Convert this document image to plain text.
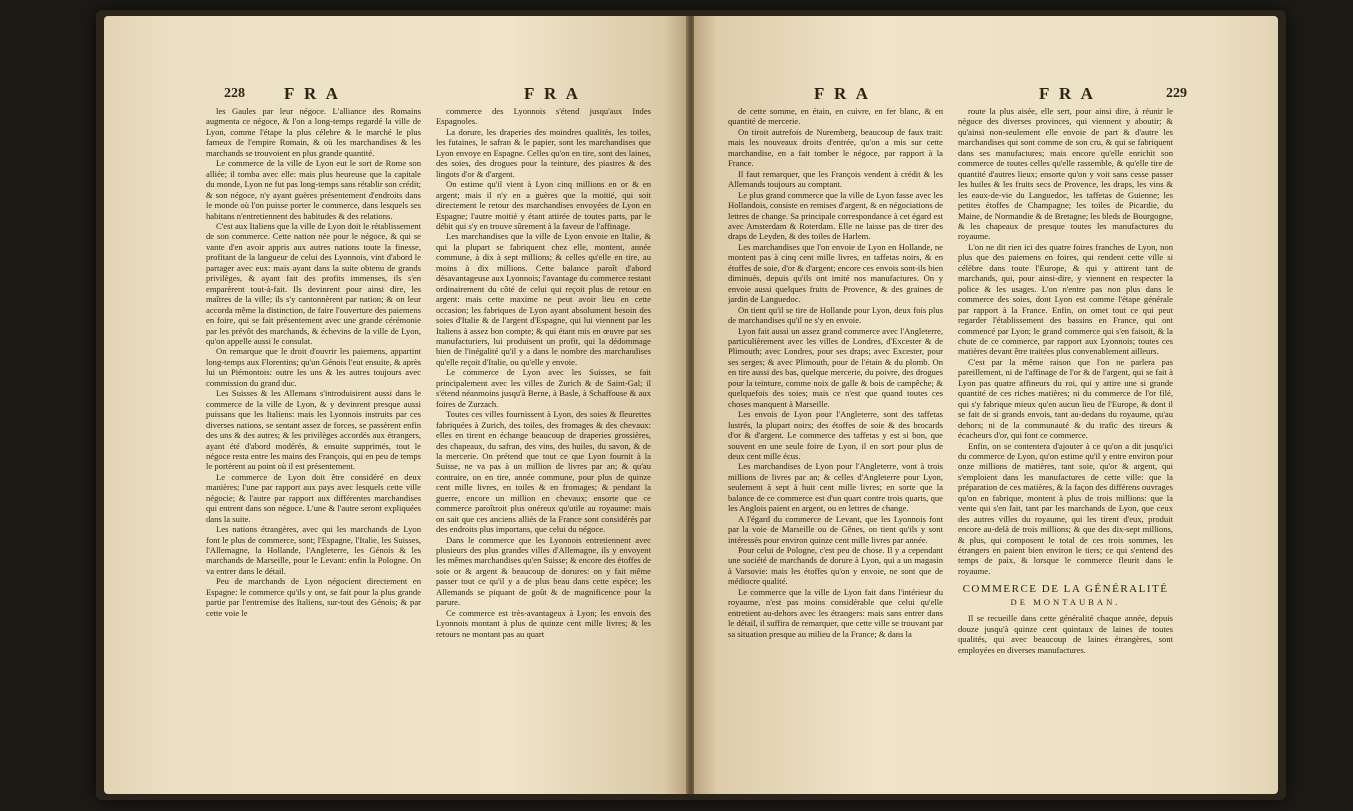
228 F R A	F R A

les Gaules par leur négoce. L'alliance des Romains augmenta ce négoce, & l'on a long-temps regardé la ville de Lyon, comme l'étape la plus célebre & le marché le plus fameux de l'empire Romain, & où les marchandises & les marchands se trouvoient en plus grande quantité.

Le commerce de la ville de Lyon eut le sort de Rome son alliée; il tomba avec elle: mais plus heureuse que la capitale du monde, Lyon ne fut pas long-temps sans rétablir son crédit; & son négoce, n'y ayant guères présentement d'endroits dans le monde où l'on puisse porter le commerce, dans lesquels ses habitans n'entretiennent des habitudes & des relations.

C'est aux Italiens que la ville de Lyon doit le rétablissement de son commerce. Cette nation née pour le négoce, & qui se vante d'en avoir appris aux autres nations toute la finesse, profitant de la langueur de celui des Lyonnois, vint d'abord le partager avec eux: mais ayant dans la suite obtenu de grands privilèges, & ayant fait des profits immenses, ils s'en emparèrent tout-à-fait. Ils devinrent pour ainsi dire, les maîtres de la ville; ils s'y cantonnèrent par nation; & on leur accorda même la distinction, de faire l'ouverture des paiemens en foire, qui se fait présentement avec une grande cérémonie par les prévôt des marchands, & échevins de la ville de Lyon, qu'on appelle aussi le consulat.

On remarque que le droit d'ouvrir les paiemens, appartint long-temps aux Florentins; qu'un Génois l'eut ensuite, & après lui un Piémontois: outre les uns & les autres toujours avec commission du grand duc.

Les Suisses & les Allemans s'introduisirent aussi dans le commerce de la ville de Lyon, & y devinrent presque aussi puissans que les Italiens: mais les Lyonnois instruits par ces diverses nations, se sentant assez de forces, se passèrent enfin des uns & des autres; & les privilèges accordés aux étrangers, ayant été d'abord modérés, & ensuite supprimés, tout le négoce resta entre les mains des François, qui en peu de temps le portèrent au point où il est présentement.

Le commerce de Lyon doit être considéré en deux manières; l'une par rapport aux pays avec lesquels cette ville négocie; & l'autre par rapport aux différentes marchandises qui entrent dans son négoce. L'une & l'autre seront expliquées dans la suite.

Les nations étrangères, avec qui les marchands de Lyon font le plus de commerce, sont; l'Espagne, l'Italie, les Suisses, l'Allemagne, la Hollande, l'Angleterre, les Génois & les marchands de Marseille, pour le Levant: enfin la Pologne. On va entrer dans le détail.

Peu de marchands de Lyon négocient directement en Espagne: le commerce qu'ils y ont, se fait pour la plus grande partie par l'entremise des Italiens, sur-tout des Génois; & par cette voie le

commerce des Lyonnois s'étend jusqu'aux Indes Espagnoles.

La dorure, les draperies des moindres qualités, les toiles, les futaines, le safran & le papier, sont les marchandises que Lyon envoye en Espagne. Celles qu'on en tire, sont des laines, des soies, des drogues pour la teinture, des piastres & des lingots d'or & d'argent.

On estime qu'il vient à Lyon cinq millions en or & en argent; mais il n'y en a guères que la moitié, qui soit directement le retour des marchandises envoyées de Lyon en Espagne; l'autre moitié y étant attirée de toutes parts, par le débit qui s'y en trouve sûrement à la faveur de l'affinage.

Les marchandises que la ville de Lyon envoie en Italie, & qui la plupart se fabriquent chez elle, montent, année commune, à dix à sept millions; & celles qu'elle en tire, au moins à dix millions. Cette balance paroît d'abord désavantageuse aux Lyonnois; l'avantage du commerce restant ordinairement du côté de celui qui reçoit plus de retour en argent: mais cette maxime ne peut avoir lieu en cette occasion; les fabriques de Lyon ayant absolument besoin des soies d'Italie & de l'argent d'Espagne, qui lui viennent par les Italiens à assez bon compte; & qui étant mis en œuvre par ses manufacturiers, lui produisent un profit, qui la dédommage bien de l'inégalité qu'il y a dans le nombre des marchandises qu'elle reçoit d'Italie, ou qu'elle y envoie.

Le commerce de Lyon avec les Suisses, se fait principalement avec les villes de Zurich & de Saint-Gal; il s'étend néanmoins jusqu'à Berne, à Basle, à Schaffouse & aux foires de Zurzach.

Toutes ces villes fournissent à Lyon, des soies & fleurettes fabriquées à Zurich, des toiles, des fromages & des chevaux: elles en tirent en échange beaucoup de draperies grossières, des chapeaux, du safran, des vins, des huiles, du savon, & de la mercerie. On prétend que tout ce que Lyon fournit à la Suisse, ne va pas à un million de livres par an; & qu'au contraire, on en tire, année commune, pour plus de quinze cent mille livres, en toiles & en fromages; & pendant la guerre, encore un million en chevaux; ensorte que ce commerce paroîtroit plus onéreux qu'utile au royaume: mais on sait que ces anciens alliés de la France sont considérés par des endroits plus importans, que celui du négoce.

Dans le commerce que les Lyonnois entretiennent avec plusieurs des plus grandes villes d'Allemagne, ils y envoyent les mêmes marchandises qu'en Suisse; & encore des étoffes de soie or & argent & beaucoup de dorures: on y fait même passer tout ce qu'il y a de plus beau dans cette espèce; les Allemands se piquant de goût & de magnificence pour la parure.

Ce commerce est très-avantageux à Lyon; les envois des Lyonnois montant à plus de quinze cent mille livres; & les retours ne montant pas au quart

F R A	F R A	229

de cette somme, en étain, en cuivre, en fer blanc, & en quantité de mercerie.

On tiroit autrefois de Nuremberg, beaucoup de faux trait: mais les nouveaux droits d'entrée, qu'on a mis sur cette marchandise, en a fait tomber le négoce, par rapport à la France.

Il faut remarquer, que les François vendent à crédit & les Allemands toujours au comptant.

Le plus grand commerce que la ville de Lyon fasse avec les Hollandois, consiste en remises d'argent, & en négociations de lettres de change. Sa principale correspondance à cet égard est avec Amsterdam & Roterdam. Elle ne laisse pas de tirer des draps de Leyden, & des toiles de Harlem.

Les marchandises que l'on envoie de Lyon en Hollande, ne montent pas à cinq cent mille livres, en taffetas noirs, & en étoffes de soie, d'or & d'argent; encore ces envois sont-ils bien diminués, depuis qu'ils ont imité nos manufactures. On y envoie aussi quelques fruits de Provence, & des graines de jardin de Languedoc.

On tient qu'il se tire de Hollande pour Lyon, deux fois plus de marchandises qu'il ne s'y en envoie.

Lyon fait aussi un assez grand commerce avec l'Angleterre, particulièrement avec les villes de Londres, d'Excester & de Plimouth; avec Londres, pour ses draps; avec Excester, pour ses serges; & avec Plimouth, pour de l'étain & du plomb. On en tire aussi des bas, quelque mercerie, du poivre, des drogues pour la teinture, comme noix de galle & bois de campêche; & quelquefois des soies; mais ce n'est que quand toutes ces choses manquent à Marseille.

Les envois de Lyon pour l'Angleterre, sont des taffetas lustrés, la plupart noirs; des étoffes de soie & des brocards d'or & d'argent. Le commerce des taffetas y est si bon, que souvent en une seule foire de Lyon, il en sort pour plus de deux cent mille écus.

Les marchandises de Lyon pour l'Angleterre, vont à trois millions de livres par an; & celles d'Angleterre pour Lyon, seulement à sept à huit cent mille livres; en sorte que la balance de ce commerce est d'un quart contre trois quarts, que les Anglois paient en argent, ou en lettres de change.

A l'égard du commerce de Levant, que les Lyonnois font par la voie de Marseille ou de Gênes, on tient qu'ils y sont intéressés pour environ quinze cent mille livres par année.

Pour celui de Pologne, c'est peu de chose. Il y a cependant une société de marchands de dorure à Lyon, qui a un magasin à Varsovie: mais les étoffes qu'on y envoie, ne sont que de médiocre qualité.

Le commerce que la ville de Lyon fait dans l'intérieur du royaume, n'est pas moins considérable que celui qu'elle entretient au-dehors avec les étrangers: mais sans entrer dans le détail, il suffira de remarquer, que cette ville se trouvant par sa situation presque au milieu de la France; & dans la

route la plus aisée, elle sert, pour ainsi dire, à réunir le négoce des diverses provinces, qui viennent y aboutir; & qu'ainsi non-seulement elle envoie de part & d'autre les marchandises qui sont comme de son cru, & qui se fabriquent dans ses manufactures; mais encore qu'elle enrichit son commerce de toutes celles qu'elle rassemble, & qu'elle tire de quantité d'autres lieux; ensorte qu'on y voit sans cesse passer les huiles & les fruits secs de Provence, les draps, les vins & les eaux-de-vie du Languedoc, les taffetas de Guienne; les petites étoffes de Champagne; les toiles de Picardie, du Maine, de Normandie & de Bretagne; les bleds de Bourgogne, & les chapeaux de presque toutes les manufactures du royaume.

L'on ne dit rien ici des quatre foires franches de Lyon, non plus que des paiemens en foires, qui rendent cette ville si célèbre dans toute l'Europe, & qui y attirent tant de marchands, qui, pour ainsi-dire, y viennent en respecter la police & les usages. L'on n'entre pas non plus dans le commerce des soies, dont Lyon est comme l'étape générale par rapport à la France. Enfin, on omet tout ce qui peut regarder l'établissement des bassins en France, qui ont commencé par Lyon; le grand commerce qui s'en faisoit, & la chute de ce commerce, par rapport aux Lyonnois; toutes ces matières devant être traitées plus convenablement ailleurs.

C'est par la même raison que l'on ne parlera pas pareillement, ni de l'affinage de l'or & de l'argent, qui se fait à Lyon pas quatre affineurs du roi, qui y attire une si grande quantité de ces riches matières; ni du commerce de l'or filé, qui s'y fabrique mieux qu'en aucun lieu de l'Europe, & dont il se fait de si grands envois, tant au-dedans du royaume, qu'au dehors; ni de la communauté & du trafic des tireurs & écacheurs d'or, qui font ce commerce.

Enfin, on se contentera d'ajouter à ce qu'on a dit jusqu'ici du commerce de Lyon, qu'on estime qu'il y entre environ pour onze millions de matières, tant soie, qu'or & argent, qui s'emploient dans les manufactures de cette ville: que la préparation de ces matières, & la façon des différens ouvrages qu'on en fabrique, montent à plus de trois millions: que la vente qui s'en fait, tant par les marchands de Lyon, que ceux des autres villes du royaume, qui les tirent d'eux, produit encore au-delà de trois millions; & que des dix-sept millions, & plus, qui composent le total de ces trois sommes, les étrangers en paient bien environ le tiers; ce qui s'entend des temps de paix, & lorsque le commerce fleurit dans le royaume.

COMMERCE DE LA GÉNÉRALITÉ
DE MONTAUBAN.

Il se recueille dans cette généralité chaque année, depuis douze jusqu'à quinze cent quintaux de laines de toutes qualités, qui avec beaucoup de laines étrangères, sont employées en diverses manufactures.
